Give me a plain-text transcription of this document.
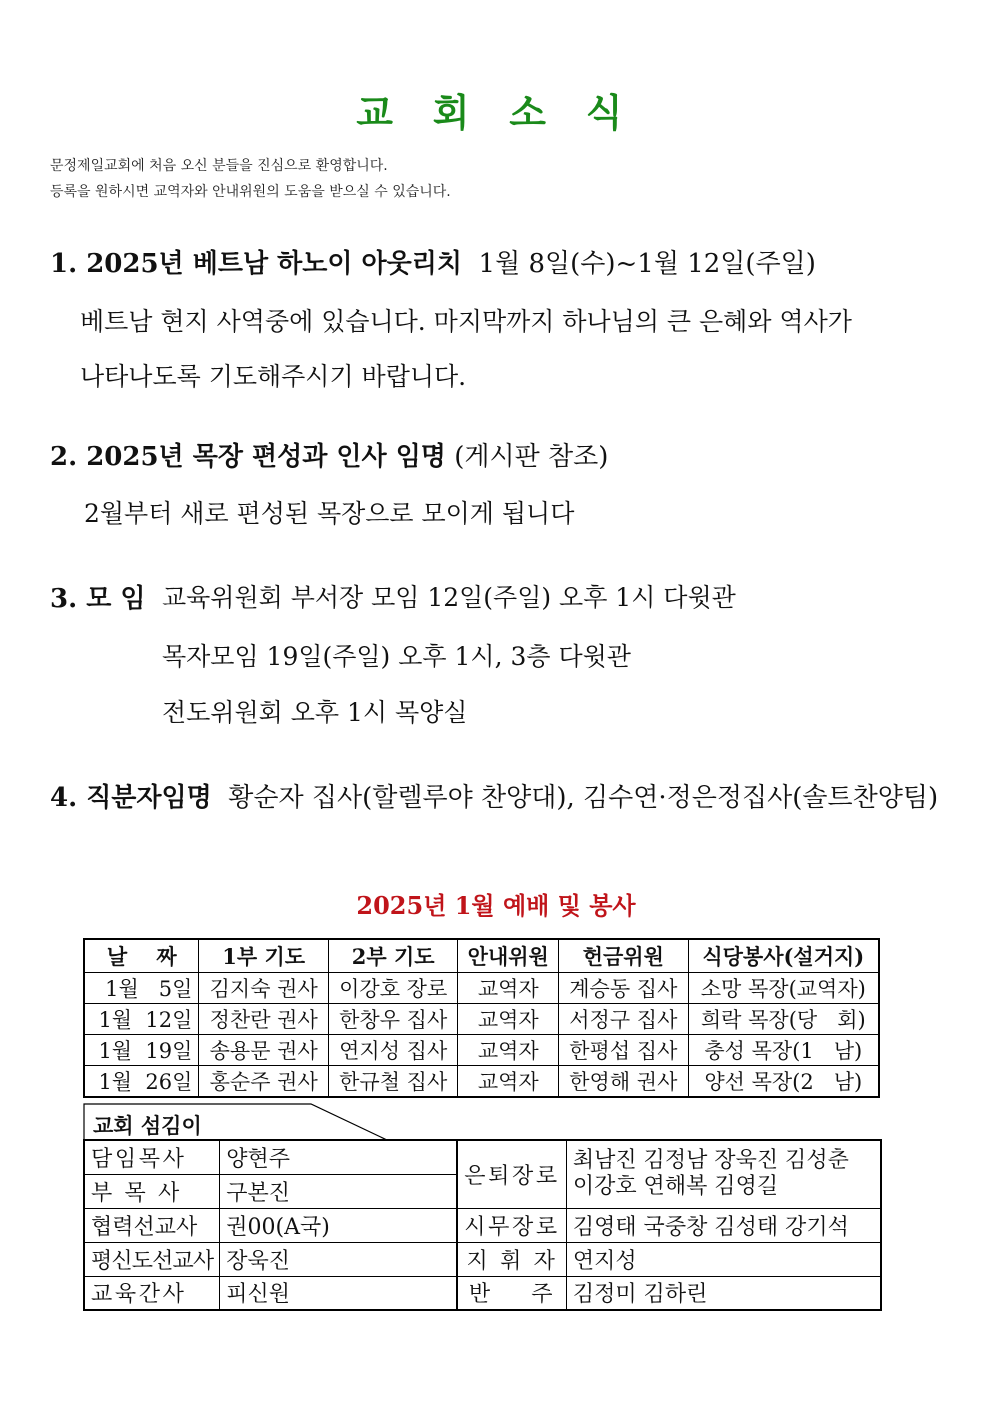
교 회 소 식
문정제일교회에 처음 오신 분들을 진심으로 환영합니다.
등록을 원하시면 교역자와 안내위원의 도움을 받으실 수 있습니다.
1. 2025년 베트남 하노이 아웃리치  1월 8일(수)~1월 12일(주일)
베트남 현지 사역중에 있습니다. 마지막까지 하나님의 큰 은혜와 역사가
나타나도록 기도해주시기 바랍니다.
2. 2025년 목장 편성과 인사 임명 (게시판 참조)
2월부터 새로 편성된 목장으로 모이게 됩니다
3. 모 임 교육위원회 부서장 모임 12일(주일) 오후 1시 다윗관
목자모임 19일(주일) 오후 1시, 3층 다윗관
전도위원회 오후 1시 목양실
4. 직분자임명  황순자 집사(할렐루야 찬양대), 김수연·정은정집사(솔트찬양팀)
2025년 1월 예배 및 봉사
날    짜	1부 기도	2부 기도	안내위원	헌금위원	식당봉사(설거지)
1월   5일	김지숙 권사	이강호 장로	교역자	계승동 집사	소망 목장(교역자)
1월  12일	정찬란 권사	한창우 집사	교역자	서정구 집사	희락 목장(당   회)
1월  19일	송용문 권사	연지성 집사	교역자	한평섭 집사	충성 목장(1   남)
1월  26일	홍순주 권사	한규철 집사	교역자	한영해 권사	양선 목장(2   남)
교회 섬김이
담임목사	양현주	은퇴장로	최남진 김정남 장욱진 김성춘
이강호 연해복 김영길

부 목 사	구본진		
협력선교사	권00(A국)	시무장로	김영태 국중창 김성태 강기석
평신도선교사	장욱진	지 휘 자	연지성
교육간사	피신원	반    주	김정미 김하린
